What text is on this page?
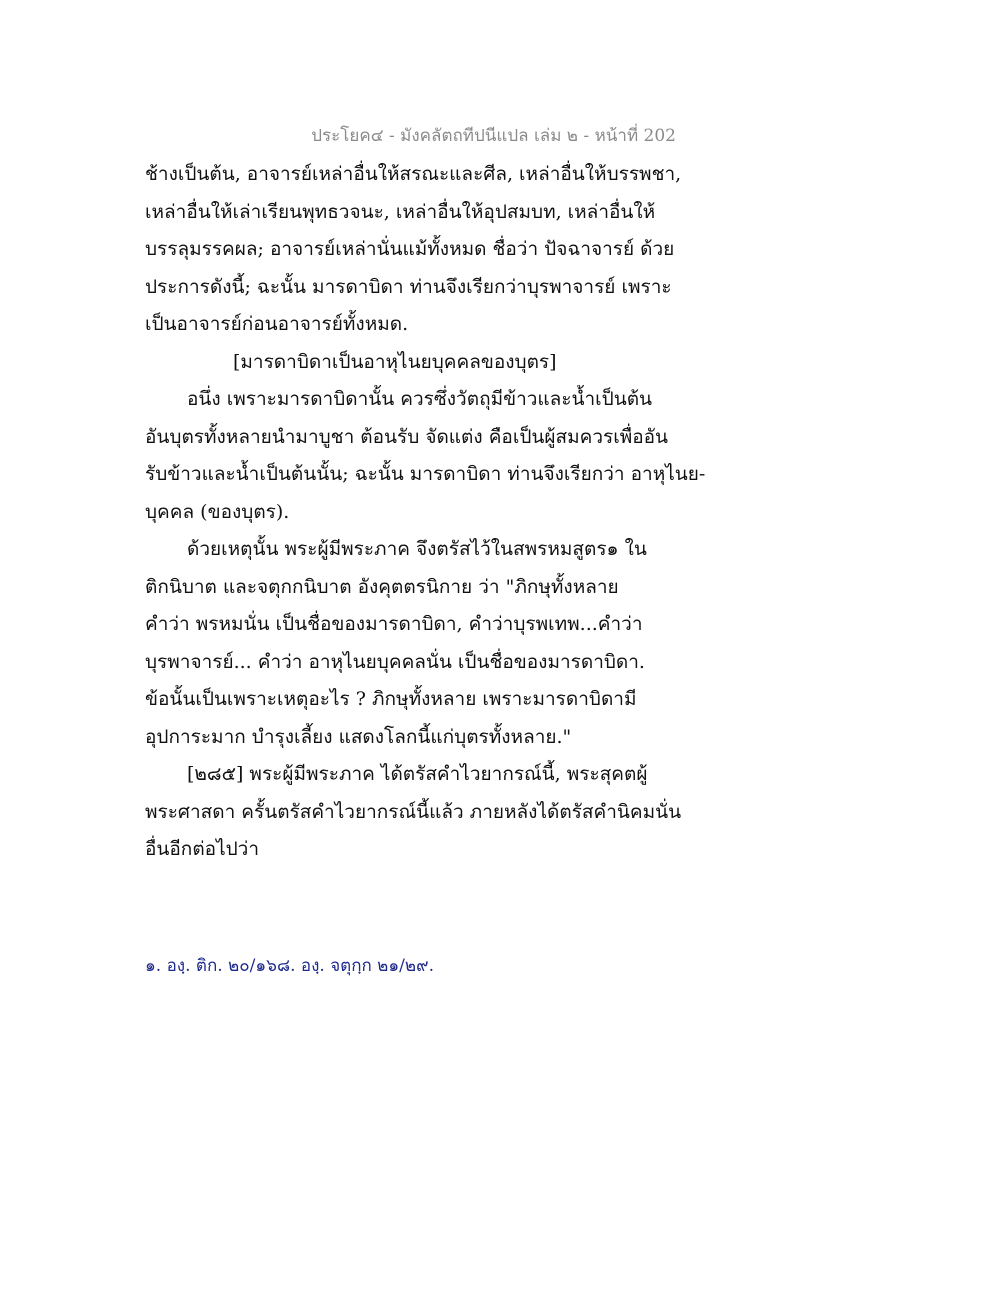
ประโยค๔ - มังคลัตถทีปนีแปล เล่ม ๒ - หน้าที่ 202
ช้างเป็นต้น, อาจารย์เหล่าอื่นให้สรณะและศีล, เหล่าอื่นให้บรรพชา,
เหล่าอื่นให้เล่าเรียนพุทธวจนะ, เหล่าอื่นให้อุปสมบท, เหล่าอื่นให้
บรรลุมรรคผล; อาจารย์เหล่านั่นแม้ทั้งหมด ชื่อว่า ปัจฉาจารย์ ด้วย
ประการดังนี้; ฉะนั้น มารดาบิดา ท่านจึงเรียกว่าบุรพาจารย์ เพราะ
เป็นอาจารย์ก่อนอาจารย์ทั้งหมด.
[มารดาบิดาเป็นอาหุไนยบุคคลของบุตร]
อนึ่ง เพราะมารดาบิดานั้น ควรซึ่งวัตถุมีข้าวและน้ำเป็นต้น
อันบุตรทั้งหลายนำมาบูชา ต้อนรับ จัดแต่ง คือเป็นผู้สมควรเพื่ออัน
รับข้าวและน้ำเป็นต้นนั้น; ฉะนั้น มารดาบิดา ท่านจึงเรียกว่า อาหุไนย-
บุคคล (ของบุตร).
ด้วยเหตุนั้น พระผู้มีพระภาค จึงตรัสไว้ในสพรหมสูตร๑ ใน
ติกนิบาต และจตุกกนิบาต อังคุตตรนิกาย ว่า "ภิกษุทั้งหลาย
คำว่า พรหมนั่น เป็นชื่อของมารดาบิดา, คำว่าบุรพเทพ...คำว่า
บุรพาจารย์... คำว่า อาหุไนยบุคคลนั่น เป็นชื่อของมารดาบิดา.
ข้อนั้นเป็นเพราะเหตุอะไร ? ภิกษุทั้งหลาย เพราะมารดาบิดามี
อุปการะมาก บำรุงเลี้ยง แสดงโลกนี้แก่บุตรทั้งหลาย."
[๒๘๕] พระผู้มีพระภาค ได้ตรัสคำไวยากรณ์นี้, พระสุคตผู้
พระศาสดา ครั้นตรัสคำไวยากรณ์นี้แล้ว ภายหลังได้ตรัสคำนิคมนั่น
อื่นอีกต่อไปว่า
๑. องฺ. ติก. ๒๐/๑๖๘. องฺ. จตุกฺก ๒๑/๒๙.
